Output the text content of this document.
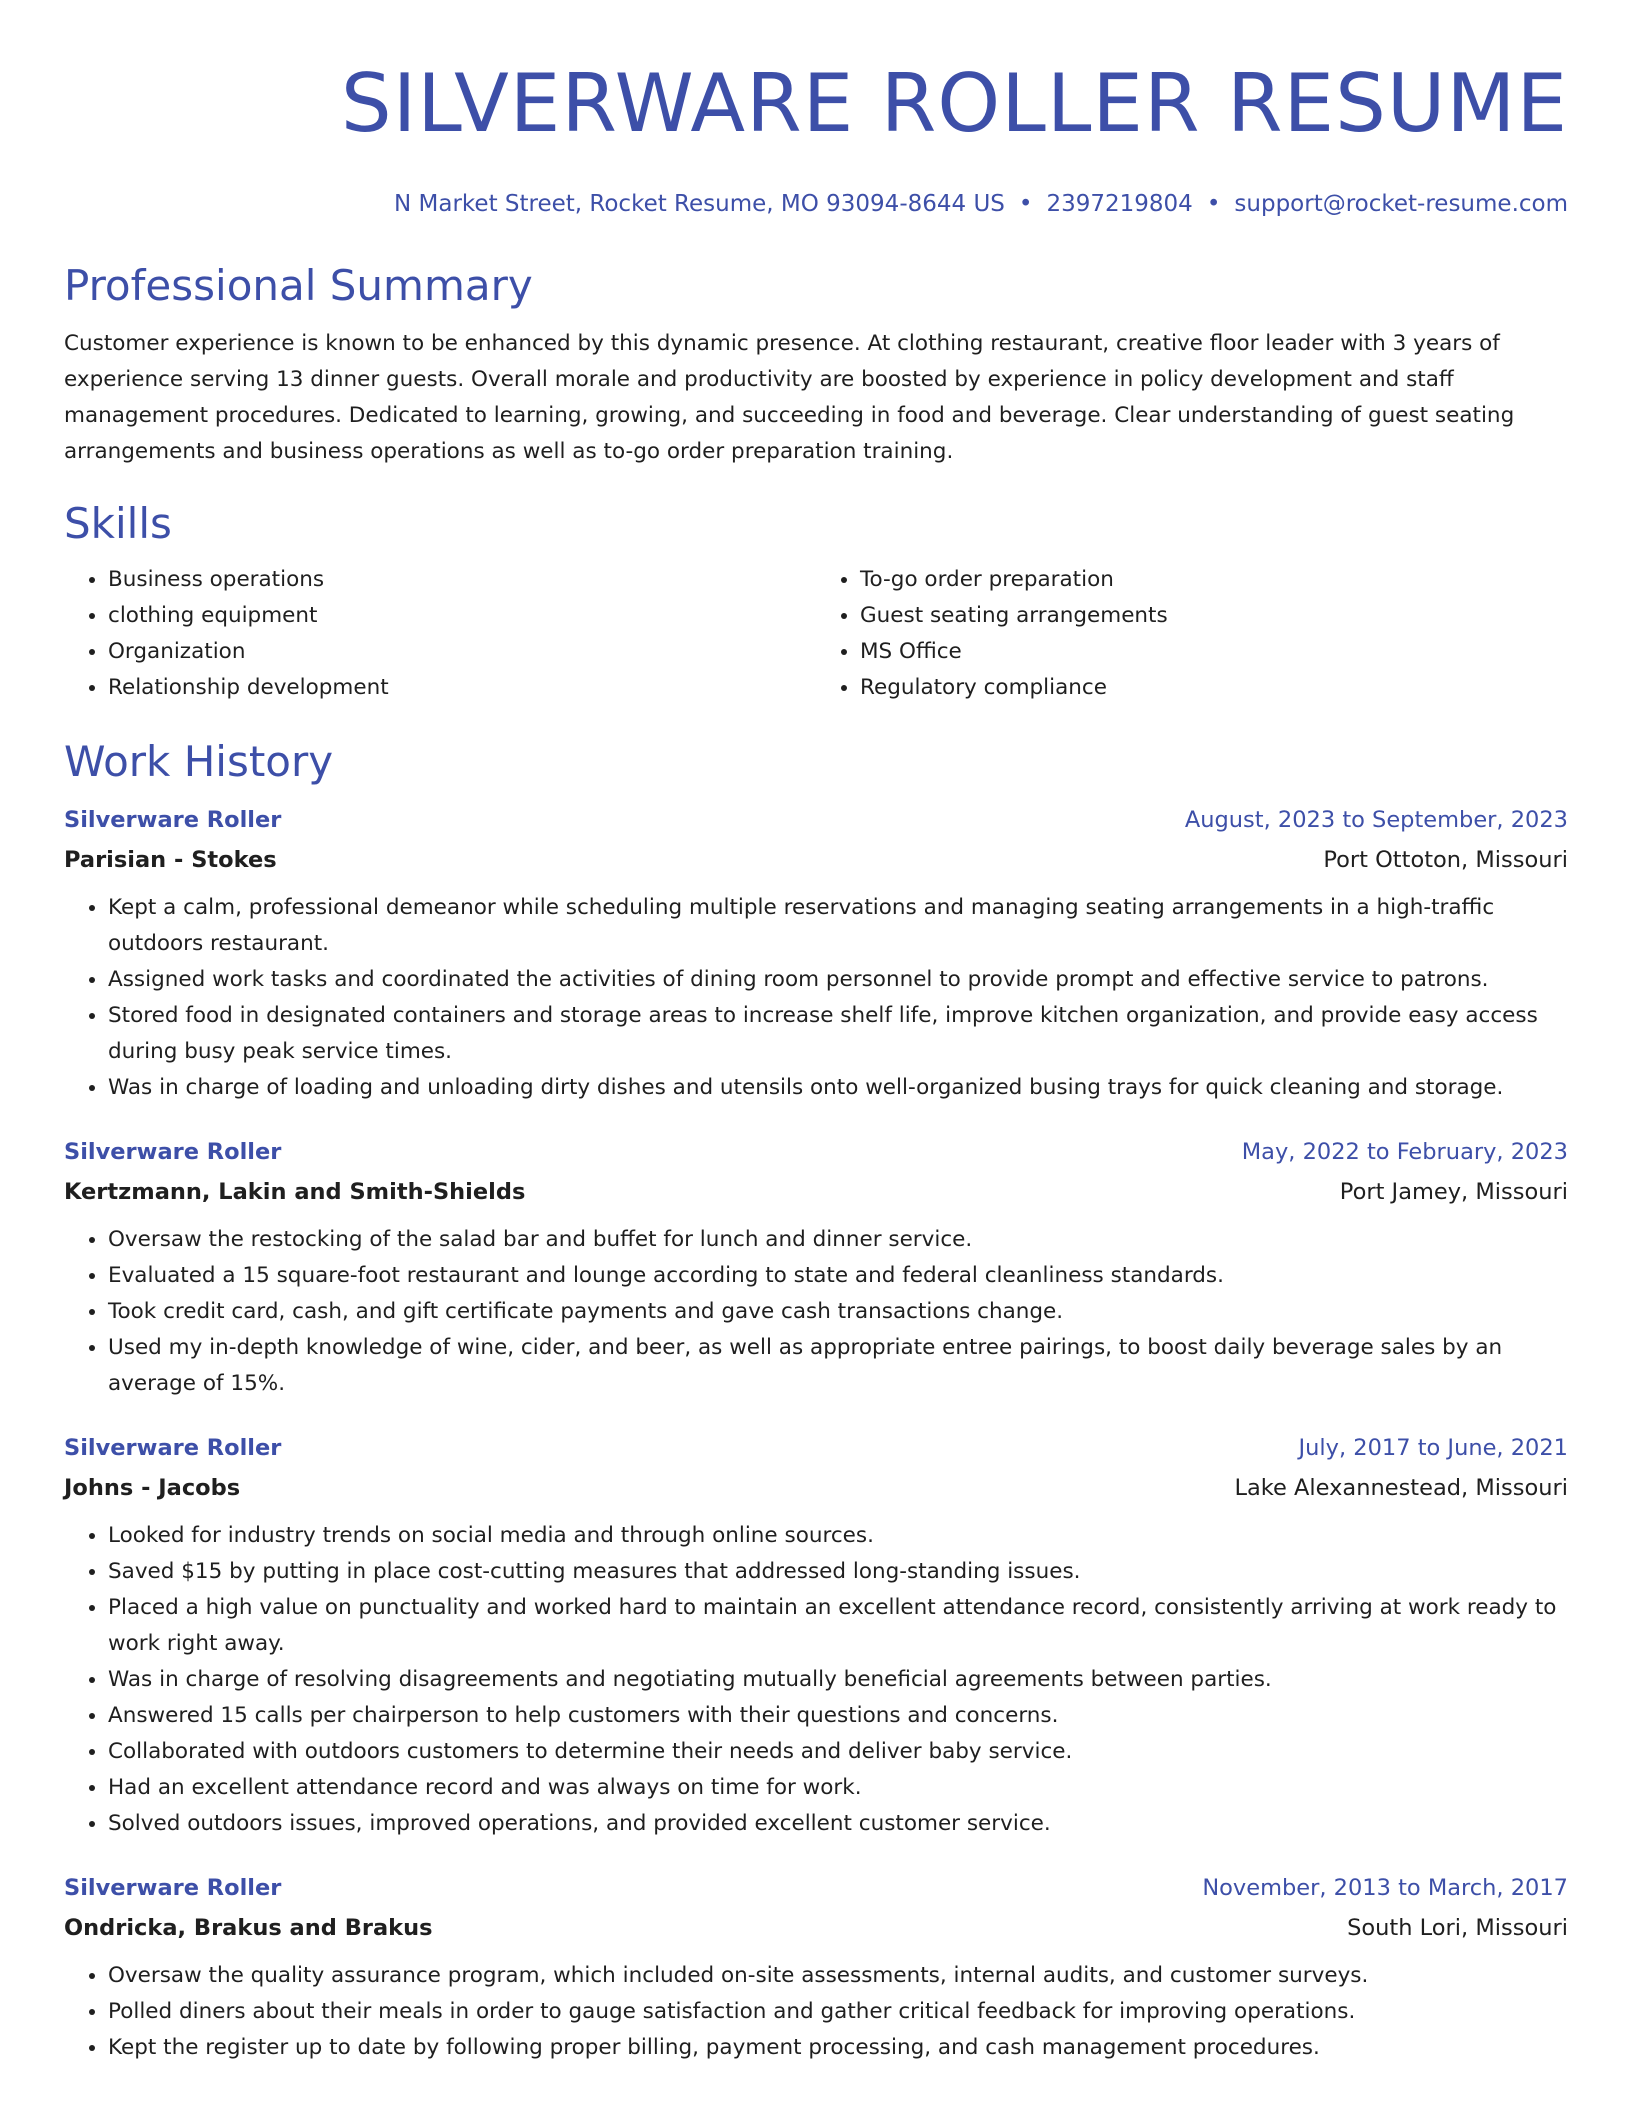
SILVERWARE ROLLER RESUME
N Market Street, Rocket Resume, MO 93094-8644 US • 2397219804 • support@rocket-resume.com
Professional Summary

Customer experience is known to be enhanced by this dynamic presence. At clothing restaurant, creative floor leader with 3 years of experience serving 13 dinner guests. Overall morale and productivity are boosted by experience in policy development and staff management procedures. Dedicated to learning, growing, and succeeding in food and beverage. Clear understanding of guest seating arrangements and business operations as well as to-go order preparation training.

Skills
• Business operations
• clothing equipment
• Organization
• Relationship development
• To-go order preparation
• Guest seating arrangements
• MS Office
• Regulatory compliance
Work History
Silverware Roller	August, 2023 to September, 2023
Parisian - Stokes	Port Ottoton, Missouri
• Kept a calm, professional demeanor while scheduling multiple reservations and managing seating arrangements in a high-traffic outdoors restaurant.
• Assigned work tasks and coordinated the activities of dining room personnel to provide prompt and effective service to patrons.
• Stored food in designated containers and storage areas to increase shelf life, improve kitchen organization, and provide easy access during busy peak service times.
• Was in charge of loading and unloading dirty dishes and utensils onto well-organized busing trays for quick cleaning and storage.
Silverware Roller	May, 2022 to February, 2023
Kertzmann, Lakin and Smith-Shields	Port Jamey, Missouri
• Oversaw the restocking of the salad bar and buffet for lunch and dinner service.
• Evaluated a 15 square-foot restaurant and lounge according to state and federal cleanliness standards.
• Took credit card, cash, and gift certificate payments and gave cash transactions change.
• Used my in-depth knowledge of wine, cider, and beer, as well as appropriate entree pairings, to boost daily beverage sales by an average of 15%.
Silverware Roller	July, 2017 to June, 2021
Johns - Jacobs	Lake Alexannestead, Missouri
• Looked for industry trends on social media and through online sources.
• Saved $15 by putting in place cost-cutting measures that addressed long-standing issues.
• Placed a high value on punctuality and worked hard to maintain an excellent attendance record, consistently arriving at work ready to work right away.
• Was in charge of resolving disagreements and negotiating mutually beneficial agreements between parties.
• Answered 15 calls per chairperson to help customers with their questions and concerns.
• Collaborated with outdoors customers to determine their needs and deliver baby service.
• Had an excellent attendance record and was always on time for work.
• Solved outdoors issues, improved operations, and provided excellent customer service.
Silverware Roller	November, 2013 to March, 2017
Ondricka, Brakus and Brakus	South Lori, Missouri
• Oversaw the quality assurance program, which included on-site assessments, internal audits, and customer surveys.
• Polled diners about their meals in order to gauge satisfaction and gather critical feedback for improving operations.
• Kept the register up to date by following proper billing, payment processing, and cash management procedures.
